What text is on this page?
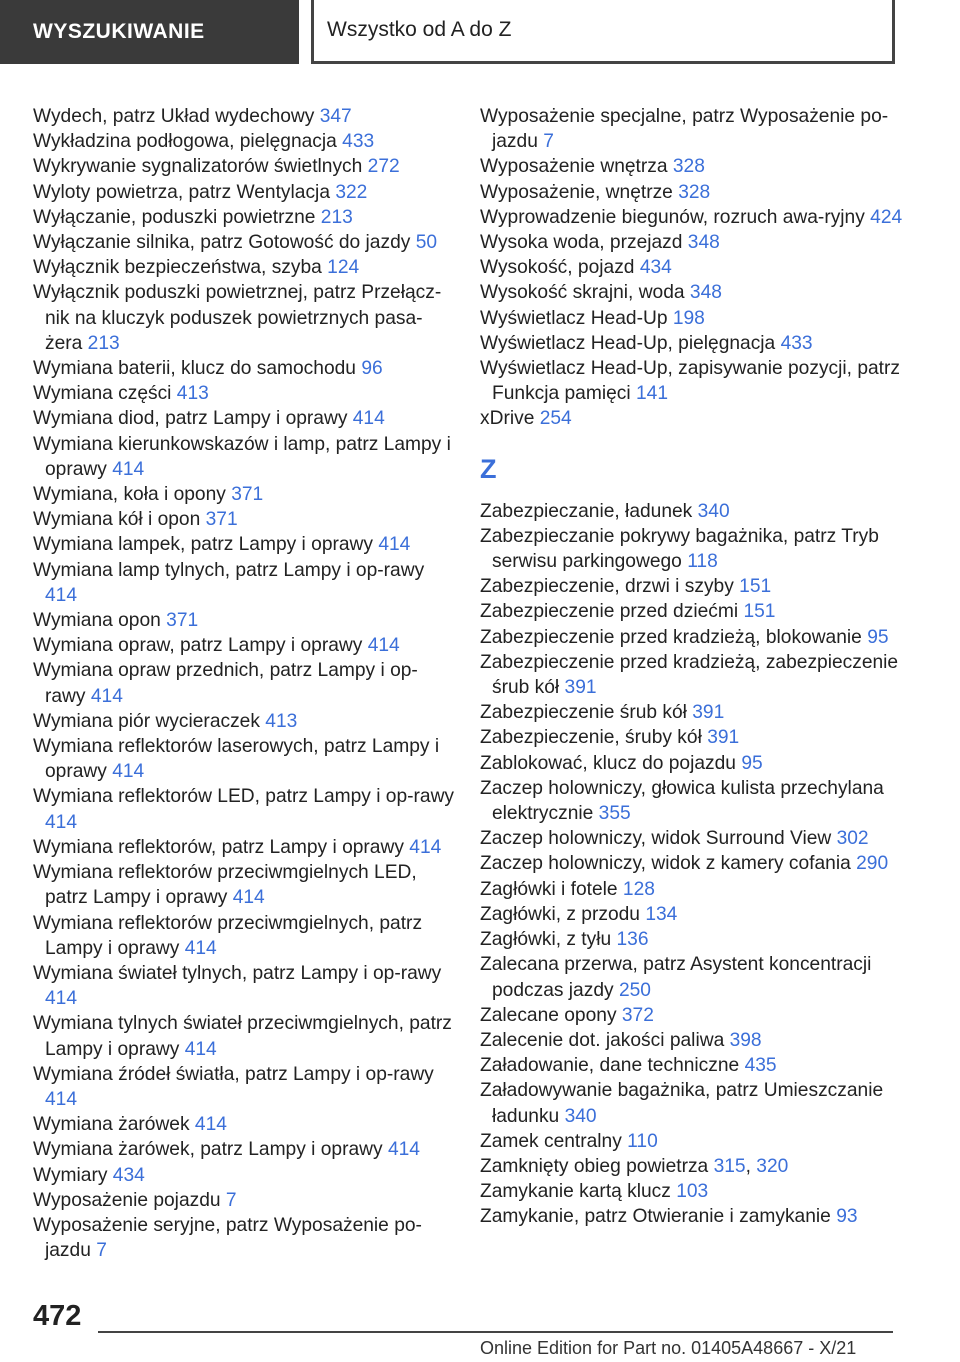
WYSZUKIWANIE	Wszystko od A do Z
Wydech, patrz Układ wydechowy 347
Wykładzina podłogowa, pielęgnacja 433
Wykrywanie sygnalizatorów świetlnych 272
Wyloty powietrza, patrz Wentylacja 322
Wyłączanie, poduszki powietrzne 213
Wyłączanie silnika, patrz Gotowość do jazdy 50
Wyłącznik bezpieczeństwa, szyba 124
Wyłącznik poduszki powietrznej, patrz Przełącz‐nik na kluczyk poduszek powietrznych pasa‐żera 213
Wymiana baterii, klucz do samochodu 96
Wymiana części 413
Wymiana diod, patrz Lampy i oprawy 414
Wymiana kierunkowskazów i lamp, patrz Lampy i oprawy 414
Wymiana, koła i opony 371
Wymiana kół i opon 371
Wymiana lampek, patrz Lampy i oprawy 414
Wymiana lamp tylnych, patrz Lampy i op‐rawy 414
Wymiana opon 371
Wymiana opraw, patrz Lampy i oprawy 414
Wymiana opraw przednich, patrz Lampy i op‐rawy 414
Wymiana piór wycieraczek 413
Wymiana reflektorów laserowych, patrz Lampy i oprawy 414
Wymiana reflektorów LED, patrz Lampy i op‐rawy 414
Wymiana reflektorów, patrz Lampy i oprawy 414
Wymiana reflektorów przeciwmgielnych LED, patrz Lampy i oprawy 414
Wymiana reflektorów przeciwmgielnych, patrz Lampy i oprawy 414
Wymiana świateł tylnych, patrz Lampy i op‐rawy 414
Wymiana tylnych świateł przeciwmgielnych, patrz Lampy i oprawy 414
Wymiana źródeł światła, patrz Lampy i op‐rawy 414
Wymiana żarówek 414
Wymiana żarówek, patrz Lampy i oprawy 414
Wymiary 434
Wyposażenie pojazdu 7
Wyposażenie seryjne, patrz Wyposażenie po‐jazdu 7
Wyposażenie specjalne, patrz Wyposażenie po‐jazdu 7
Wyposażenie wnętrza 328
Wyposażenie, wnętrze 328
Wyprowadzenie biegunów, rozruch awa‐ryjny 424
Wysoka woda, przejazd 348
Wysokość, pojazd 434
Wysokość skrajni, woda 348
Wyświetlacz Head-Up 198
Wyświetlacz Head-Up, pielęgnacja 433
Wyświetlacz Head-Up, zapisywanie pozycji, patrz Funkcja pamięci 141
xDrive 254
Z
Zabezpieczanie, ładunek 340
Zabezpieczanie pokrywy bagażnika, patrz Tryb serwisu parkingowego 118
Zabezpieczenie, drzwi i szyby 151
Zabezpieczenie przed dziećmi 151
Zabezpieczenie przed kradzieżą, blokowanie 95
Zabezpieczenie przed kradzieżą, zabezpieczenie śrub kół 391
Zabezpieczenie śrub kół 391
Zabezpieczenie, śruby kół 391
Zablokować, klucz do pojazdu 95
Zaczep holowniczy, głowica kulista przechylana elektrycznie 355
Zaczep holowniczy, widok Surround View 302
Zaczep holowniczy, widok z kamery cofania 290
Zagłówki i fotele 128
Zagłówki, z przodu 134
Zagłówki, z tyłu 136
Zalecana przerwa, patrz Asystent koncentracji podczas jazdy 250
Zalecane opony 372
Zalecenie dot. jakości paliwa 398
Załadowanie, dane techniczne 435
Załadowywanie bagażnika, patrz Umieszczanie ładunku 340
Zamek centralny 110
Zamknięty obieg powietrza 315, 320
Zamykanie kartą klucz 103
Zamykanie, patrz Otwieranie i zamykanie 93
472
Online Edition for Part no. 01405A48667 - X/21
